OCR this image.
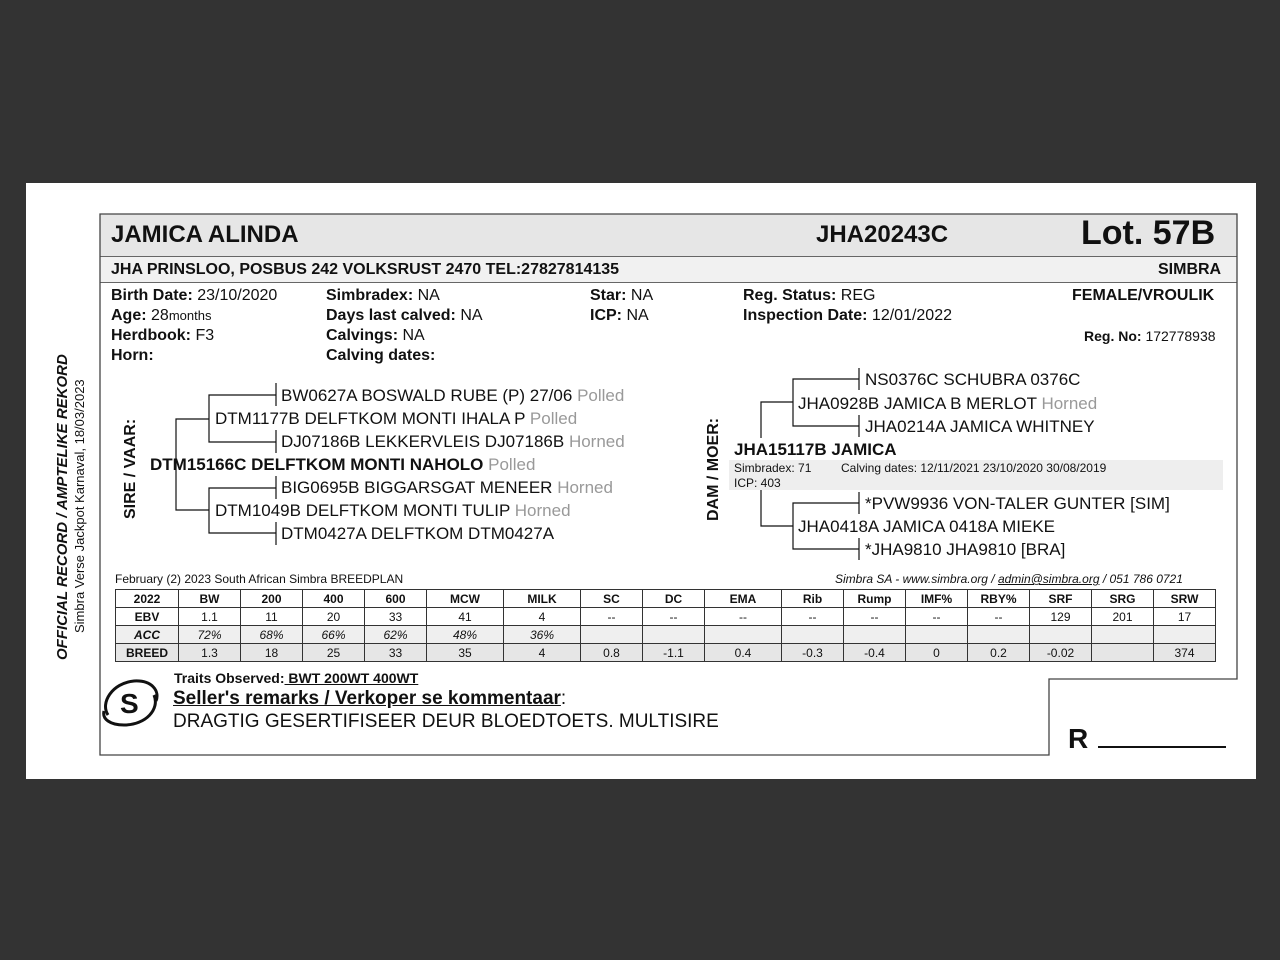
OFFICIAL RECORD / AMPTELIKE REKORD Simbra Verse Jackpot Karnaval, 18/03/2023
JAMICA ALINDA	JHA20243C	Lot. 57B
JHA PRINSLOO, POSBUS 242 VOLKSRUST 2470 TEL:27827814135	SIMBRA
Birth Date: 23/10/2020
Age: 28months
Herdbook: F3
Horn:
Simbradex: NA
Days last calved: NA
Calvings: NA
Calving dates:
Star: NA
ICP: NA
Reg. Status: REG
Inspection Date: 12/01/2022
FEMALE/VROULIK
Reg. No: 172778938
SIRE / VAAR:
BW0627A BOSWALD RUBE (P) 27/06 Polled
DTM1177B DELFTKOM MONTI IHALA P Polled
DJ07186B LEKKERVLEIS DJ07186B Horned
DTM15166C DELFTKOM MONTI NAHOLO Polled
BIG0695B BIGGARSGAT MENEER Horned
DTM1049B DELFTKOM MONTI TULIP Horned
DTM0427A DELFTKOM DTM0427A
DAM / MOER:
NS0376C SCHUBRA 0376C
JHA0928B JAMICA B MERLOT Horned
JHA0214A JAMICA WHITNEY
JHA15117B JAMICA
Simbradex: 71 Calving dates: 12/11/2021 23/10/2020 30/08/2019
ICP: 403
*PVW9936 VON-TALER GUNTER [SIM]
JHA0418A JAMICA 0418A MIEKE
*JHA9810 JHA9810 [BRA]
February (2) 2023 South African Simbra BREEDPLAN	Simbra SA - www.simbra.org / admin@simbra.org / 051 786 0721
2022	BW	200	400	600	MCW	MILK	SC	DC	EMA	Rib	Rump	IMF%	RBY%	SRF	SRG	SRW
EBV	1.1	11	20	33	41	4	--	--	--	--	--	--	--	129	201	17
ACC	72%	68%	66%	62%	48%	36%										
BREED	1.3	18	25	33	35	4	0.8	-1.1	0.4	-0.3	-0.4	0	0.2	-0.02		374
Traits Observed: BWT 200WT 400WT
S Seller's remarks / Verkoper se kommentaar:
DRAGTIG GESERTIFISEER DEUR BLOEDTOETS. MULTISIRE
R
